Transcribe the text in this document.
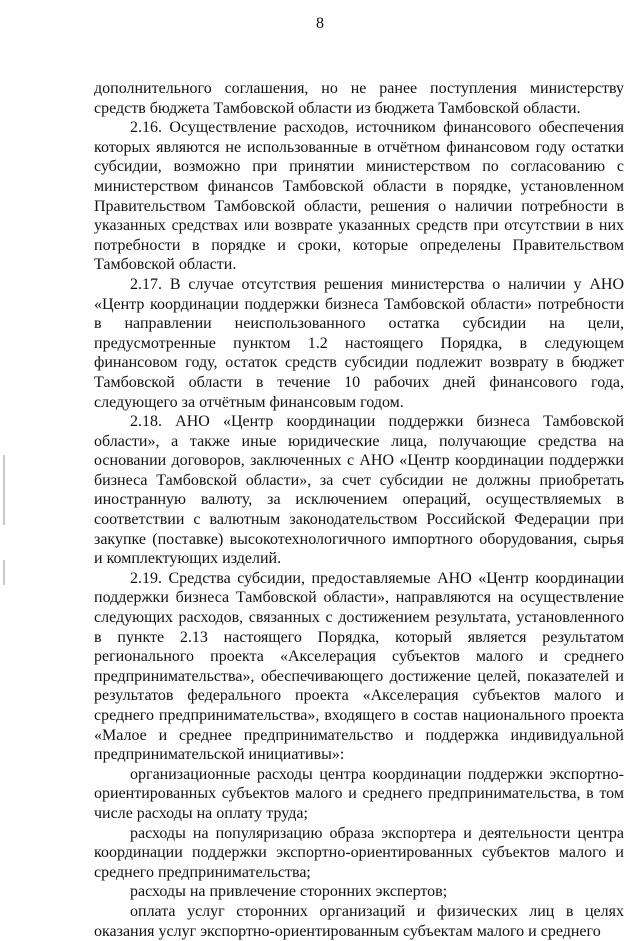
8

дополнительного соглашения, но не ранее поступления министерству средств бюджета Тамбовской области из бюджета Тамбовской области.

2.16. Осуществление расходов, источником финансового обеспечения которых являются не использованные в отчётном финансовом году остатки субсидии, возможно при принятии министерством по согласованию с министерством финансов Тамбовской области в порядке, установленном Правительством Тамбовской области, решения о наличии потребности в указанных средствах или возврате указанных средств при отсутствии в них потребности в порядке и сроки, которые определены Правительством Тамбовской области.

2.17. В случае отсутствия решения министерства о наличии у АНО «Центр координации поддержки бизнеса Тамбовской области» потребности в направлении неиспользованного остатка субсидии на цели, предусмотренные пунктом 1.2 настоящего Порядка, в следующем финансовом году, остаток средств субсидии подлежит возврату в бюджет Тамбовской области в течение 10 рабочих дней финансового года, следующего за отчётным финансовым годом.

2.18. АНО «Центр координации поддержки бизнеса Тамбовской области», а также иные юридические лица, получающие средства на основании договоров, заключенных с АНО «Центр координации поддержки бизнеса Тамбовской области», за счет субсидии не должны приобретать иностранную валюту, за исключением операций, осуществляемых в соответствии с валютным законодательством Российской Федерации при закупке (поставке) высокотехнологичного импортного оборудования, сырья и комплектующих изделий.

2.19. Средства субсидии, предоставляемые АНО «Центр координации поддержки бизнеса Тамбовской области», направляются на осуществление следующих расходов, связанных с достижением результата, установленного в пункте 2.13 настоящего Порядка, который является результатом регионального проекта «Акселерация субъектов малого и среднего предпринимательства», обеспечивающего достижение целей, показателей и результатов федерального проекта «Акселерация субъектов малого и среднего предпринимательства», входящего в состав национального проекта «Малое и среднее предпринимательство и поддержка индивидуальной предпринимательской инициативы»:

организационные расходы центра координации поддержки экспортно-ориентированных субъектов малого и среднего предпринимательства, в том числе расходы на оплату труда;

расходы на популяризацию образа экспортера и деятельности центра координации поддержки экспортно-ориентированных субъектов малого и среднего предпринимательства;

расходы на привлечение сторонних экспертов;

оплата услуг сторонних организаций и физических лиц в целях оказания услуг экспортно-ориентированным субъектам малого и среднего
